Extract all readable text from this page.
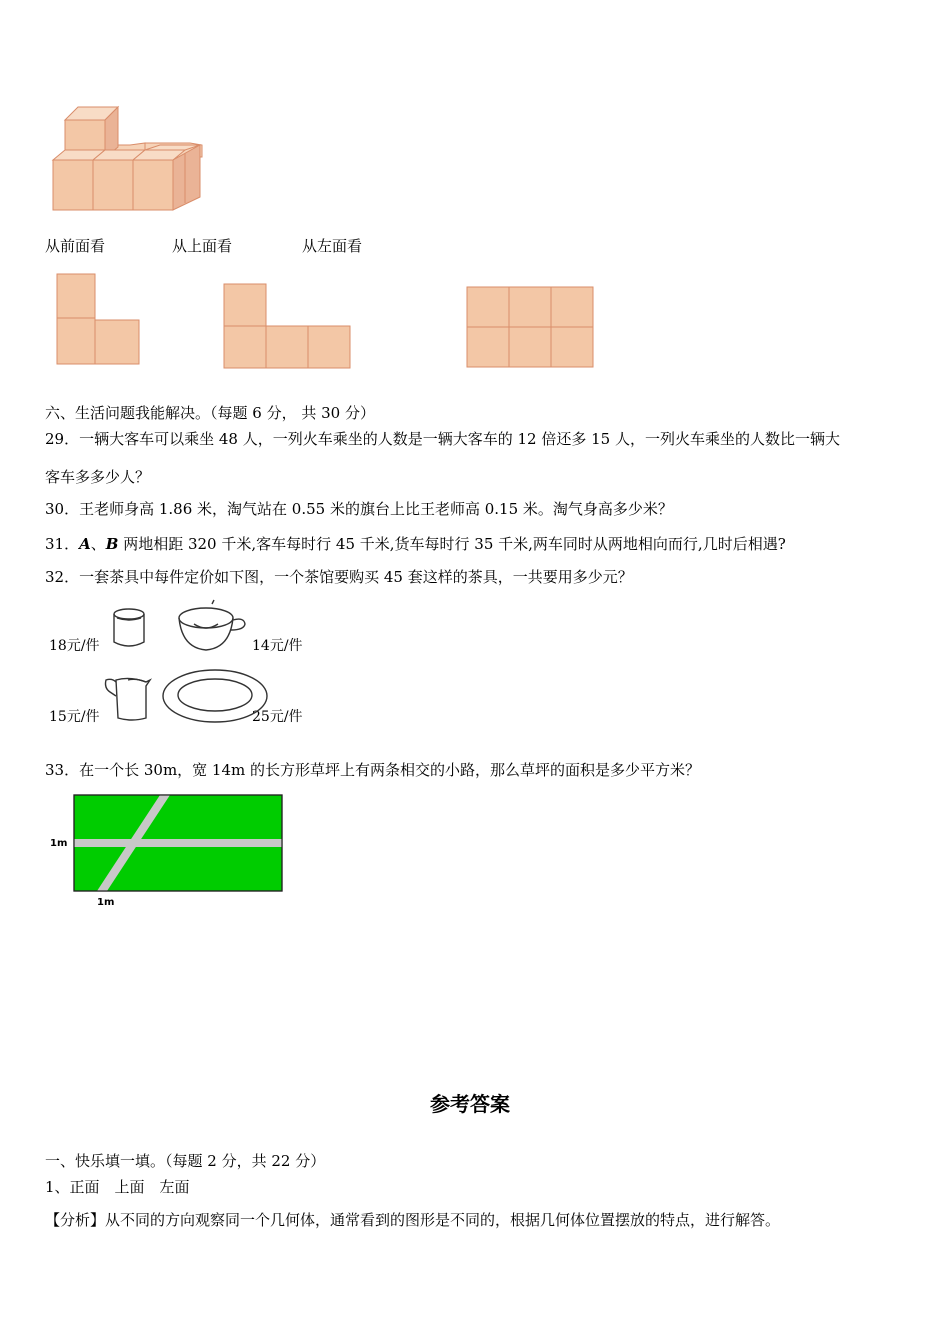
从前面看	从上面看	从左面看
六、生活问题我能解决。（每题 6 分， 共 30 分）
29．一辆大客车可以乘坐 48 人，一列火车乘坐的人数是一辆大客车的 12 倍还多 15 人，一列火车乘坐的人数比一辆大
客车多多少人？
30．王老师身高 1.86 米，淘气站在 0.55 米的旗台上比王老师高 0.15 米。淘气身高多少米？
31．A、B 两地相距 320 千米,客车每时行 45 千米,货车每时行 35 千米,两车同时从两地相向而行,几时后相遇?
32．一套茶具中每件定价如下图，一个茶馆要购买 45 套这样的茶具，一共要用多少元？
18元/件	14元/件
15元/件	25元/件
33．在一个长 30m，宽 14m 的长方形草坪上有两条相交的小路，那么草坪的面积是多少平方米？
1m
1m
参考答案
一、快乐填一填。（每题 2 分，共 22 分）
1、正面　上面　左面
【分析】从不同的方向观察同一个几何体，通常看到的图形是不同的，根据几何体位置摆放的特点，进行解答。
